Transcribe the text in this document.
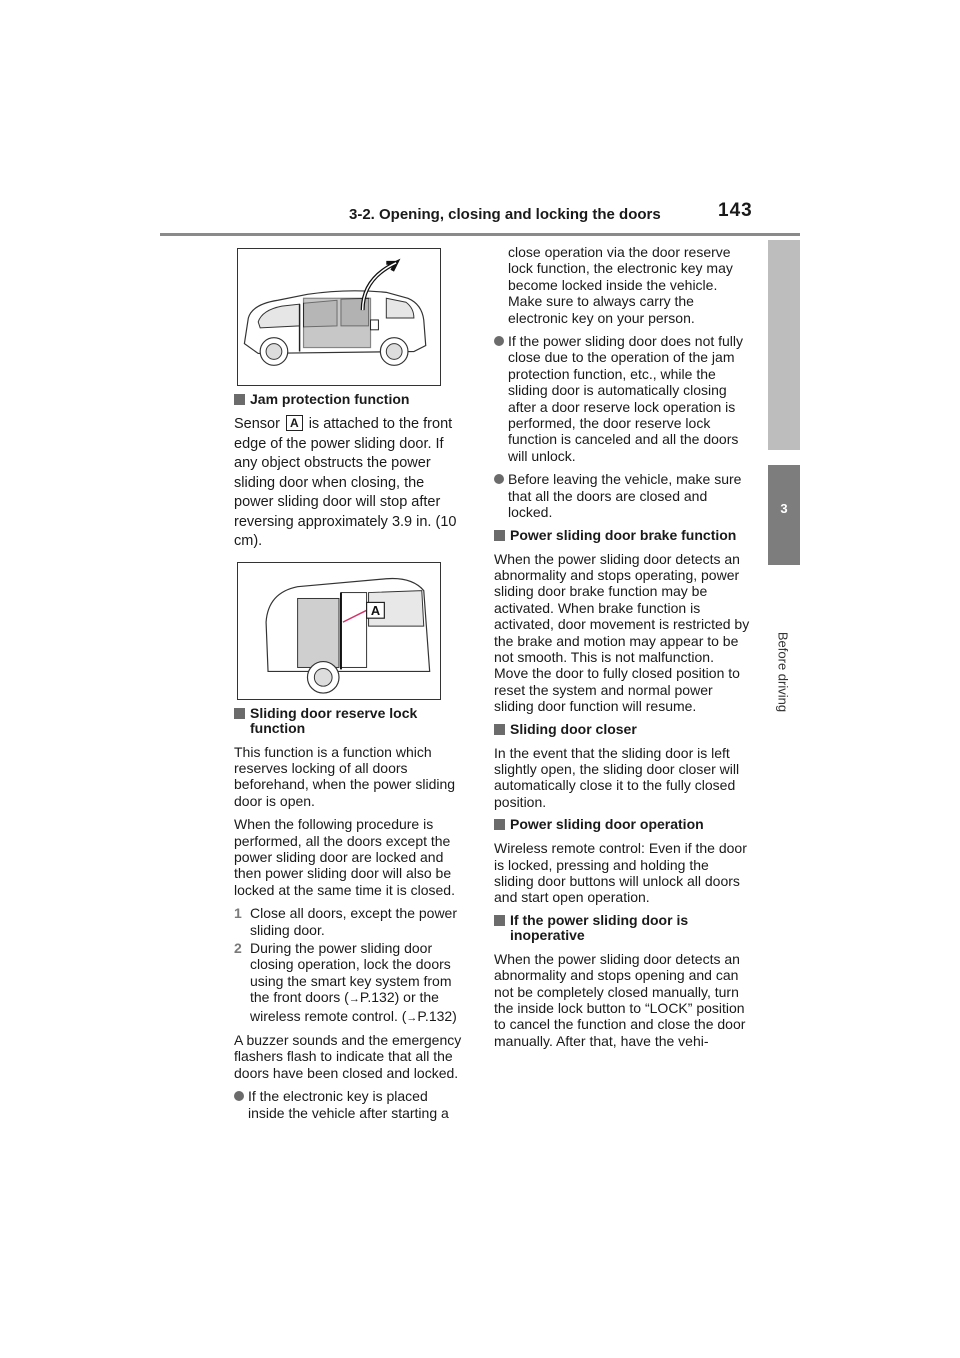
3-2. Opening, closing and locking the doors	143
3
Before driving
Jam protection function

Sensor A is attached to the front edge of the power sliding door. If any object obstructs the power sliding door when closing, the power sliding door will stop after reversing approximately 3.9 in. (10 cm).

A
Sliding door reserve lock function

This function is a function which reserves locking of all doors beforehand, when the power sliding door is open.

When the following procedure is performed, all the doors except the power sliding door are locked and then power sliding door will also be locked at the same time it is closed.

1 Close all doors, except the power sliding door.
2 During the power sliding door closing operation, lock the doors using the smart key system from the front doors (→P.132) or the wireless remote control. (→P.132)

A buzzer sounds and the emergency flashers flash to indicate that all the doors have been closed and locked.

If the electronic key is placed inside the vehicle after starting a

close operation via the door reserve lock function, the electronic key may become locked inside the vehicle. Make sure to always carry the electronic key on your person.

If the power sliding door does not fully close due to the operation of the jam protection function, etc., while the sliding door is automatically closing after a door reserve lock operation is performed, the door reserve lock function is canceled and all the doors will unlock.
Before leaving the vehicle, make sure that all the doors are closed and locked.
Power sliding door brake function

When the power sliding door detects an abnormality and stops operating, power sliding door brake function may be activated. When brake function is activated, door movement is restricted by the brake and motion may appear to be not smooth. This is not malfunction. Move the door to fully closed position to reset the system and normal power sliding door function will resume.

Sliding door closer

In the event that the sliding door is left slightly open, the sliding door closer will automatically close it to the fully closed position.

Power sliding door operation

Wireless remote control: Even if the door is locked, pressing and holding the sliding door buttons will unlock all doors and start open operation.

If the power sliding door is inoperative

When the power sliding door detects an abnormality and stops opening and can not be completely closed manually, turn the inside lock button to “LOCK” position to cancel the function and close the door manually. After that, have the vehi-
